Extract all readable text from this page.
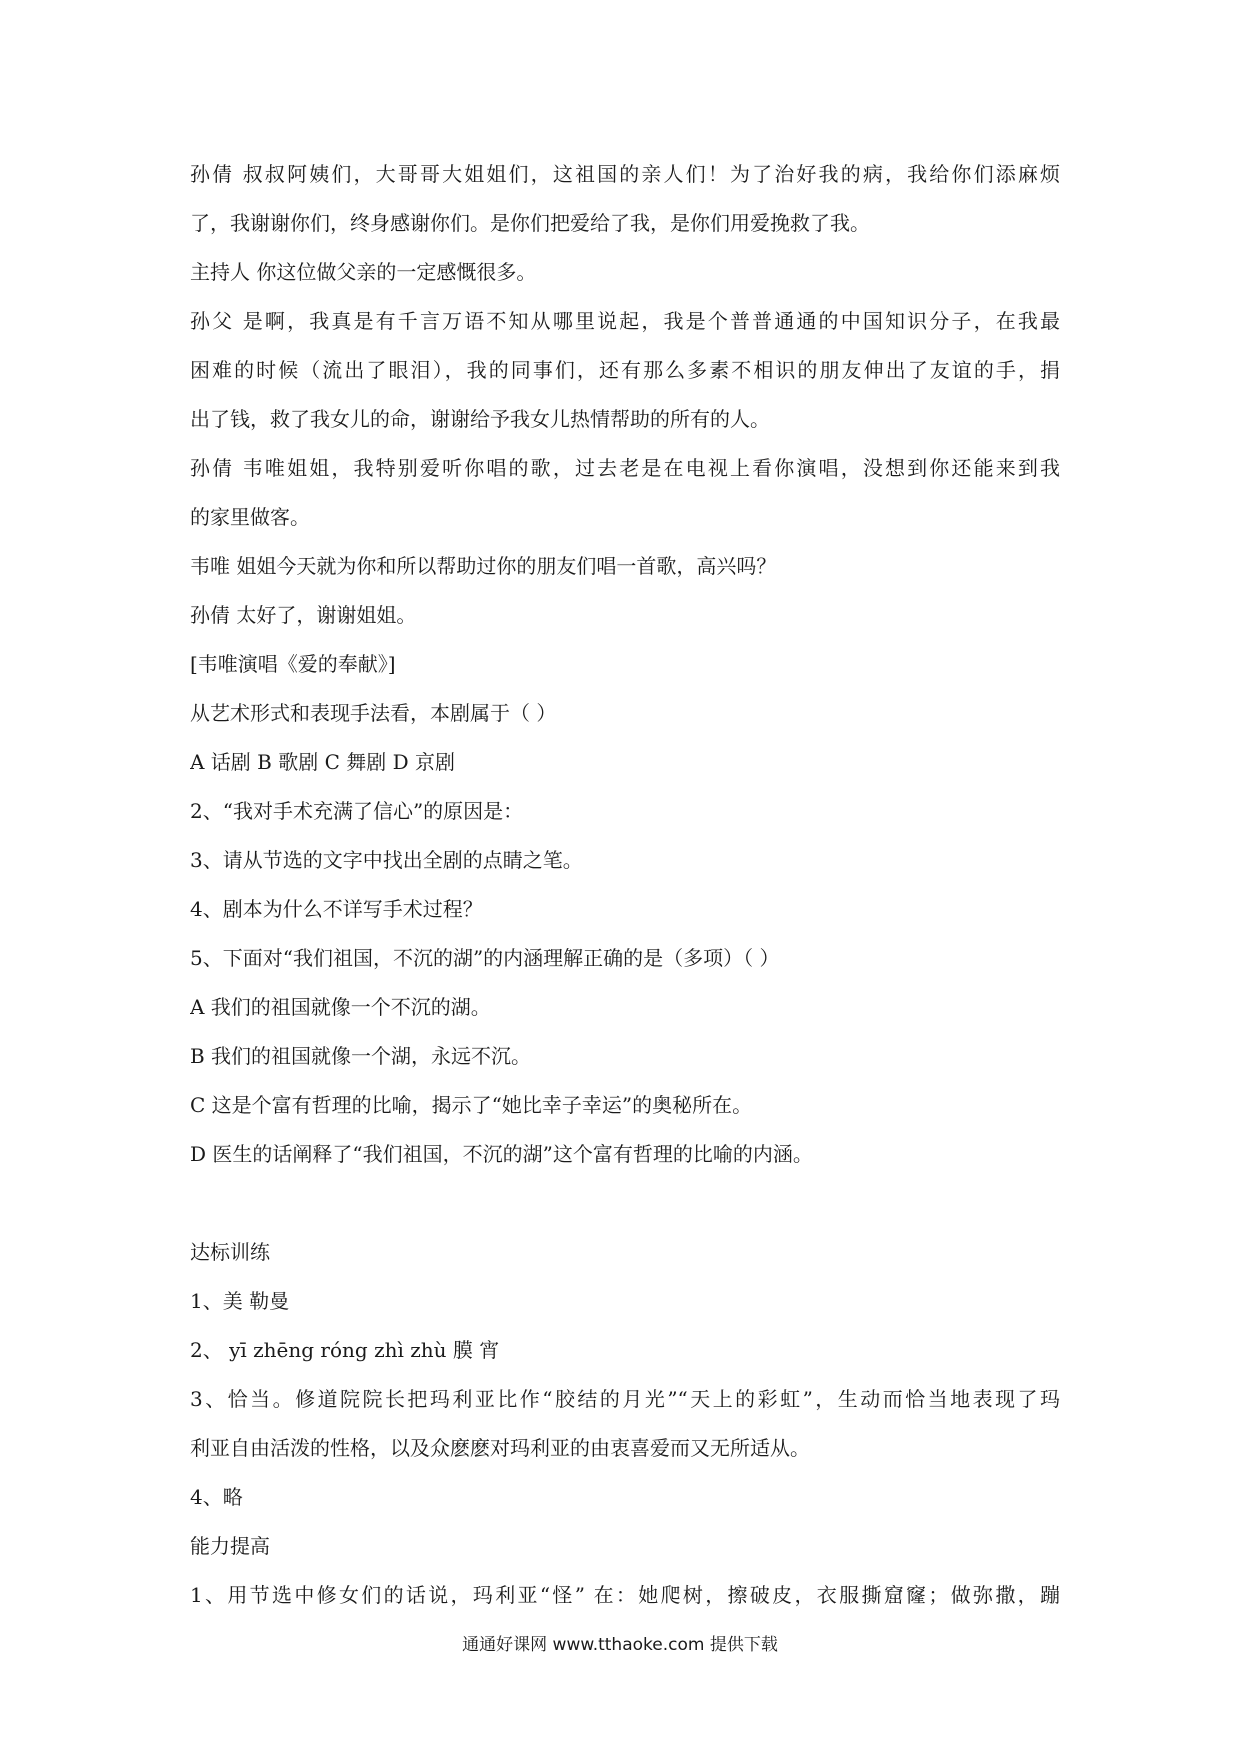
孙倩 叔叔阿姨们，大哥哥大姐姐们，这祖国的亲人们！为了治好我的病，我给你们添麻烦
了，我谢谢你们，终身感谢你们。是你们把爱给了我，是你们用爱挽救了我。
主持人 你这位做父亲的一定感慨很多。
孙父 是啊，我真是有千言万语不知从哪里说起，我是个普普通通的中国知识分子，在我最
困难的时候（流出了眼泪），我的同事们，还有那么多素不相识的朋友伸出了友谊的手，捐
出了钱，救了我女儿的命，谢谢给予我女儿热情帮助的所有的人。
孙倩 韦唯姐姐，我特别爱听你唱的歌，过去老是在电视上看你演唱，没想到你还能来到我
的家里做客。
韦唯 姐姐今天就为你和所以帮助过你的朋友们唱一首歌，高兴吗？
孙倩 太好了，谢谢姐姐。
[韦唯演唱《爱的奉献》]
从艺术形式和表现手法看，本剧属于（ ）
A 话剧 B 歌剧 C 舞剧 D 京剧
2、“我对手术充满了信心”的原因是：
3、请从节选的文字中找出全剧的点睛之笔。
4、剧本为什么不详写手术过程？
5、下面对“我们祖国，不沉的湖”的内涵理解正确的是（多项）（ ）
A 我们的祖国就像一个不沉的湖。
B 我们的祖国就像一个湖，永远不沉。
C 这是个富有哲理的比喻，揭示了“她比幸子幸运”的奥秘所在。
D 医生的话阐释了“我们祖国，不沉的湖”这个富有哲理的比喻的内涵。
达标训练
1、美 勒曼
2、 yī zhēng róng zhì zhù 膜 宵
3、恰当。修道院院长把玛利亚比作“胶结的月光”“天上的彩虹”，生动而恰当地表现了玛
利亚自由活泼的性格，以及众麽麽对玛利亚的由衷喜爱而又无所适从。
4、略
能力提高
1、用节选中修女们的话说，玛利亚“怪” 在：她爬树，擦破皮，衣服撕窟窿；做弥撒，蹦
通通好课网 www.tthaoke.com 提供下载
